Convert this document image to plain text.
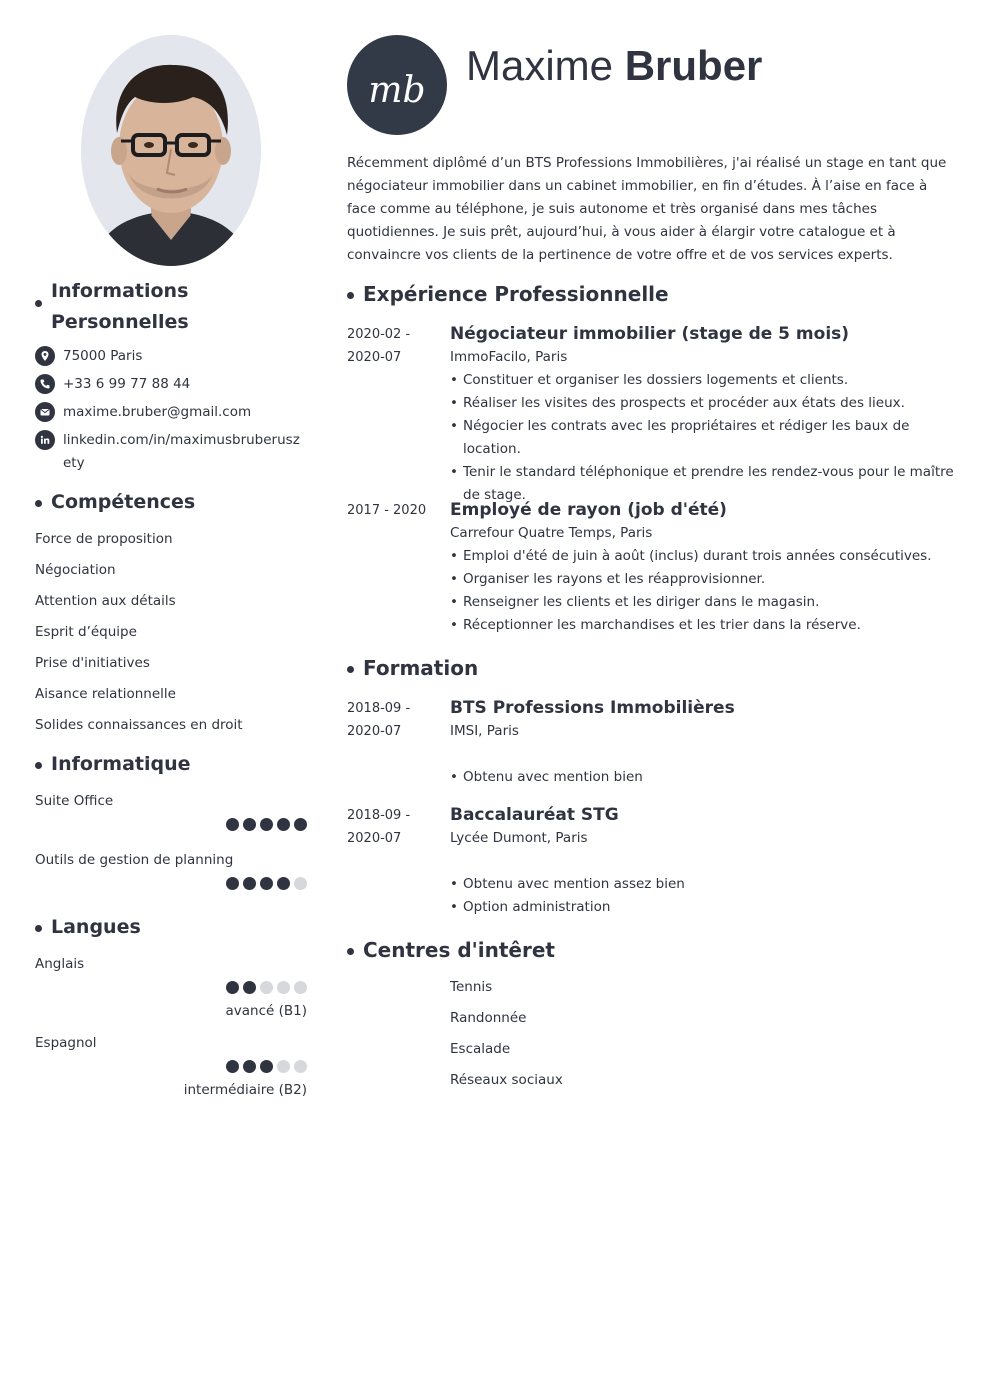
Informations Personnelles
75000 Paris
+33 6 99 77 88 44
maxime.bruber@gmail.com
linkedin.com/in/maximusbruberuszety
Compétences
Force de proposition
Négociation
Attention aux détails
Esprit d’équipe
Prise d'initiatives
Aisance relationnelle
Solides connaissances en droit
Informatique
Suite Office
Outils de gestion de planning
Langues
Anglais
avancé (B1)
Espagnol
intermédiaire (B2)
mb
Maxime Bruber

Récemment diplômé d’un BTS Professions Immobilières, j'ai réalisé un stage en tant que négociateur immobilier dans un cabinet immobilier, en fin d’études. À l’aise en face à face comme au téléphone, je suis autonome et très organisé dans mes tâches quotidiennes. Je suis prêt, aujourd’hui, à vous aider à élargir votre catalogue et à convaincre vos clients de la pertinence de votre offre et de vos services experts.

Expérience Professionnelle
2020-02 - 2020-07
Négociateur immobilier (stage de 5 mois)
ImmoFacilo, Paris
• Constituer et organiser les dossiers logements et clients.
• Réaliser les visites des prospects et procéder aux états des lieux.
• Négocier les contrats avec les propriétaires et rédiger les baux de location.
• Tenir le standard téléphonique et prendre les rendez-vous pour le maître de stage.
2017 - 2020 Employé de rayon (job d'été)
Carrefour Quatre Temps, Paris
• Emploi d'été de juin à août (inclus) durant trois années consécutives.
• Organiser les rayons et les réapprovisionner.
• Renseigner les clients et les diriger dans le magasin.
• Réceptionner les marchandises et les trier dans la réserve.
Formation
2018-09 - 2020-07
BTS Professions Immobilières
IMSI, Paris
• Obtenu avec mention bien
2018-09 - 2020-07
Baccalauréat STG
Lycée Dumont, Paris
• Obtenu avec mention assez bien
• Option administration
Centres d'intêret
Tennis
Randonnée
Escalade
Réseaux sociaux
